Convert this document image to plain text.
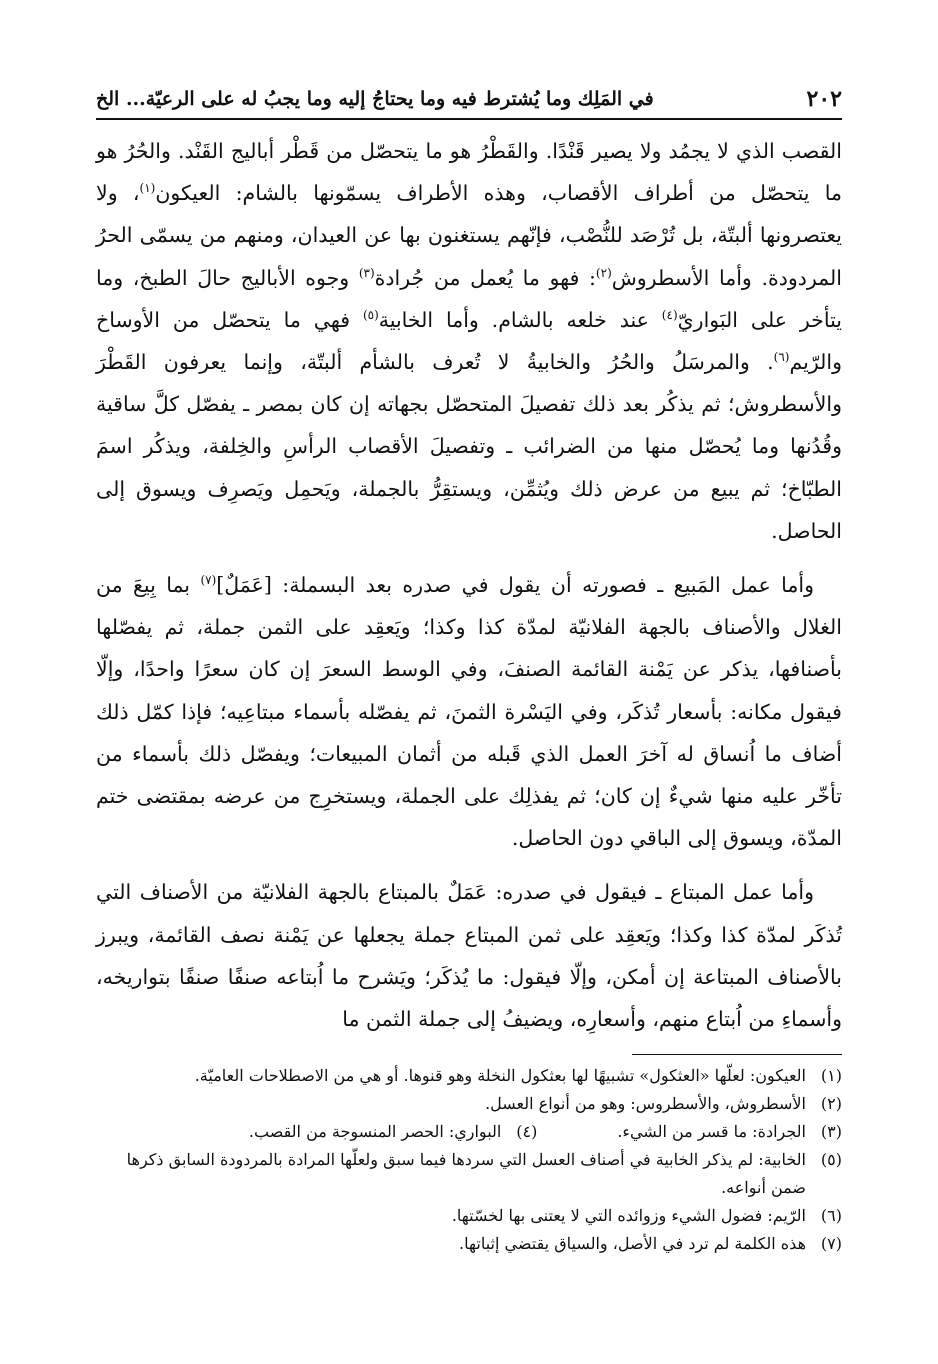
٢٠٢
في المَلِك وما يُشترط فيه وما يحتاجُ إليه وما يجبُ له على الرعيّة... الخ

القصب الذي لا يجمُد ولا يصير قَنْدًا. والقَطْرُ هو ما يتحصّل من قَطْر أباليج القَنْد. والحُرُ هو ما يتحصّل من أطراف الأقصاب، وهذه الأطراف يسمّونها بالشام: العيكون$^{(١)}$، ولا يعتصرونها ألبتّة، بل تُرْصَد للنُّصْب، فإنّهم يستغنون بها عن العيدان، ومنهم من يسمّى الحرُ المردودة. وأما الأسطروش$^{(٢)}$: فهو ما يُعمل من جُرادة$^{(٣)}$ وجوه الأباليج حالَ الطبخ، وما يتأخر على البَواريّ$^{(٤)}$ عند خلعه بالشام. وأما الخابية$^{(٥)}$ فهي ما يتحصّل من الأوساخ والرّيم$^{(٦)}$. والمرسَلُ والحُرُ والخابيةُ لا تُعرف بالشأم ألبتّة، وإنما يعرفون القَطْرَ والأسطروش؛ ثم يذكُر بعد ذلك تفصيلَ المتحصّل بجهاته إن كان بمصر ـ يفصّل كلَّ ساقية وقُدُنها وما يُحصّل منها من الضرائب ـ وتفصيلَ الأقصاب الرأسِ والخِلفة، ويذكُر اسمَ الطبّاخ؛ ثم يبيع من عرض ذلك ويُثمِّن، ويستقِرُّ بالجملة، ويَحمِل ويَصرِف ويسوق إلى الحاصل.

وأما عمل المَبيع ـ فصورته أن يقول في صدره بعد البسملة: [عَمَلٌ]$^{(٧)}$ بما بِيعَ من الغلال والأصناف بالجهة الفلانيّة لمدّة كذا وكذا؛ ويَعقِد على الثمن جملة، ثم يفصّلها بأصنافها، يذكر عن يَمْنة القائمة الصنفَ، وفي الوسط السعرَ إن كان سعرًا واحدًا، وإلّا فيقول مكانه: بأسعار تُذكَر، وفي اليَسْرة الثمنَ، ثم يفصّله بأسماء مبتاعِيه؛ فإذا كمّل ذلك أضاف ما اُنساق له آخرَ العمل الذي قَبله من أثمان المبيعات؛ ويفصّل ذلك بأسماء من تأخّر عليه منها شيءٌ إن كان؛ ثم يفذلِك على الجملة، ويستخرِج من عرضه بمقتضى ختم المدّة، ويسوق إلى الباقي دون الحاصل.

وأما عمل المبتاع ـ فيقول في صدره: عَمَلٌ بالمبتاع بالجهة الفلانيّة من الأصناف التي تُذكَر لمدّة كذا وكذا؛ ويَعقِد على ثمن المبتاع جملة يجعلها عن يَمْنة نصف القائمة، ويبرز بالأصناف المبتاعة إن أمكن، وإلّا فيقول: ما يُذكَر؛ ويَشرح ما اُبتاعه صنفًا صنفًا بتواريخه، وأسماءِ من اُبتاع منهم، وأسعارِه، ويضيفُ إلى جملة الثمن ما

(١)
العيكون: لعلّها «العثكول» تشبيهًا لها بعثكول النخلة وهو قنوها. أو هي من الاصطلاحات العاميّة.
(٢)
الأسطروش، والأسطروس: وهو من أنواع العسل.
(٣)
الجرادة: ما قسر من الشيء.
(٤)
البواري: الحصر المنسوجة من القصب.
(٥)
الخابية: لم يذكر الخابية في أصناف العسل التي سردها فيما سبق ولعلّها المرادة بالمردودة السابق ذكرها ضمن أنواعه.
(٦)
الرّيم: فضول الشيء وزوائده التي لا يعتنى بها لخسّتها.
(٧)
هذه الكلمة لم ترد في الأصل، والسياق يقتضي إثباتها.
